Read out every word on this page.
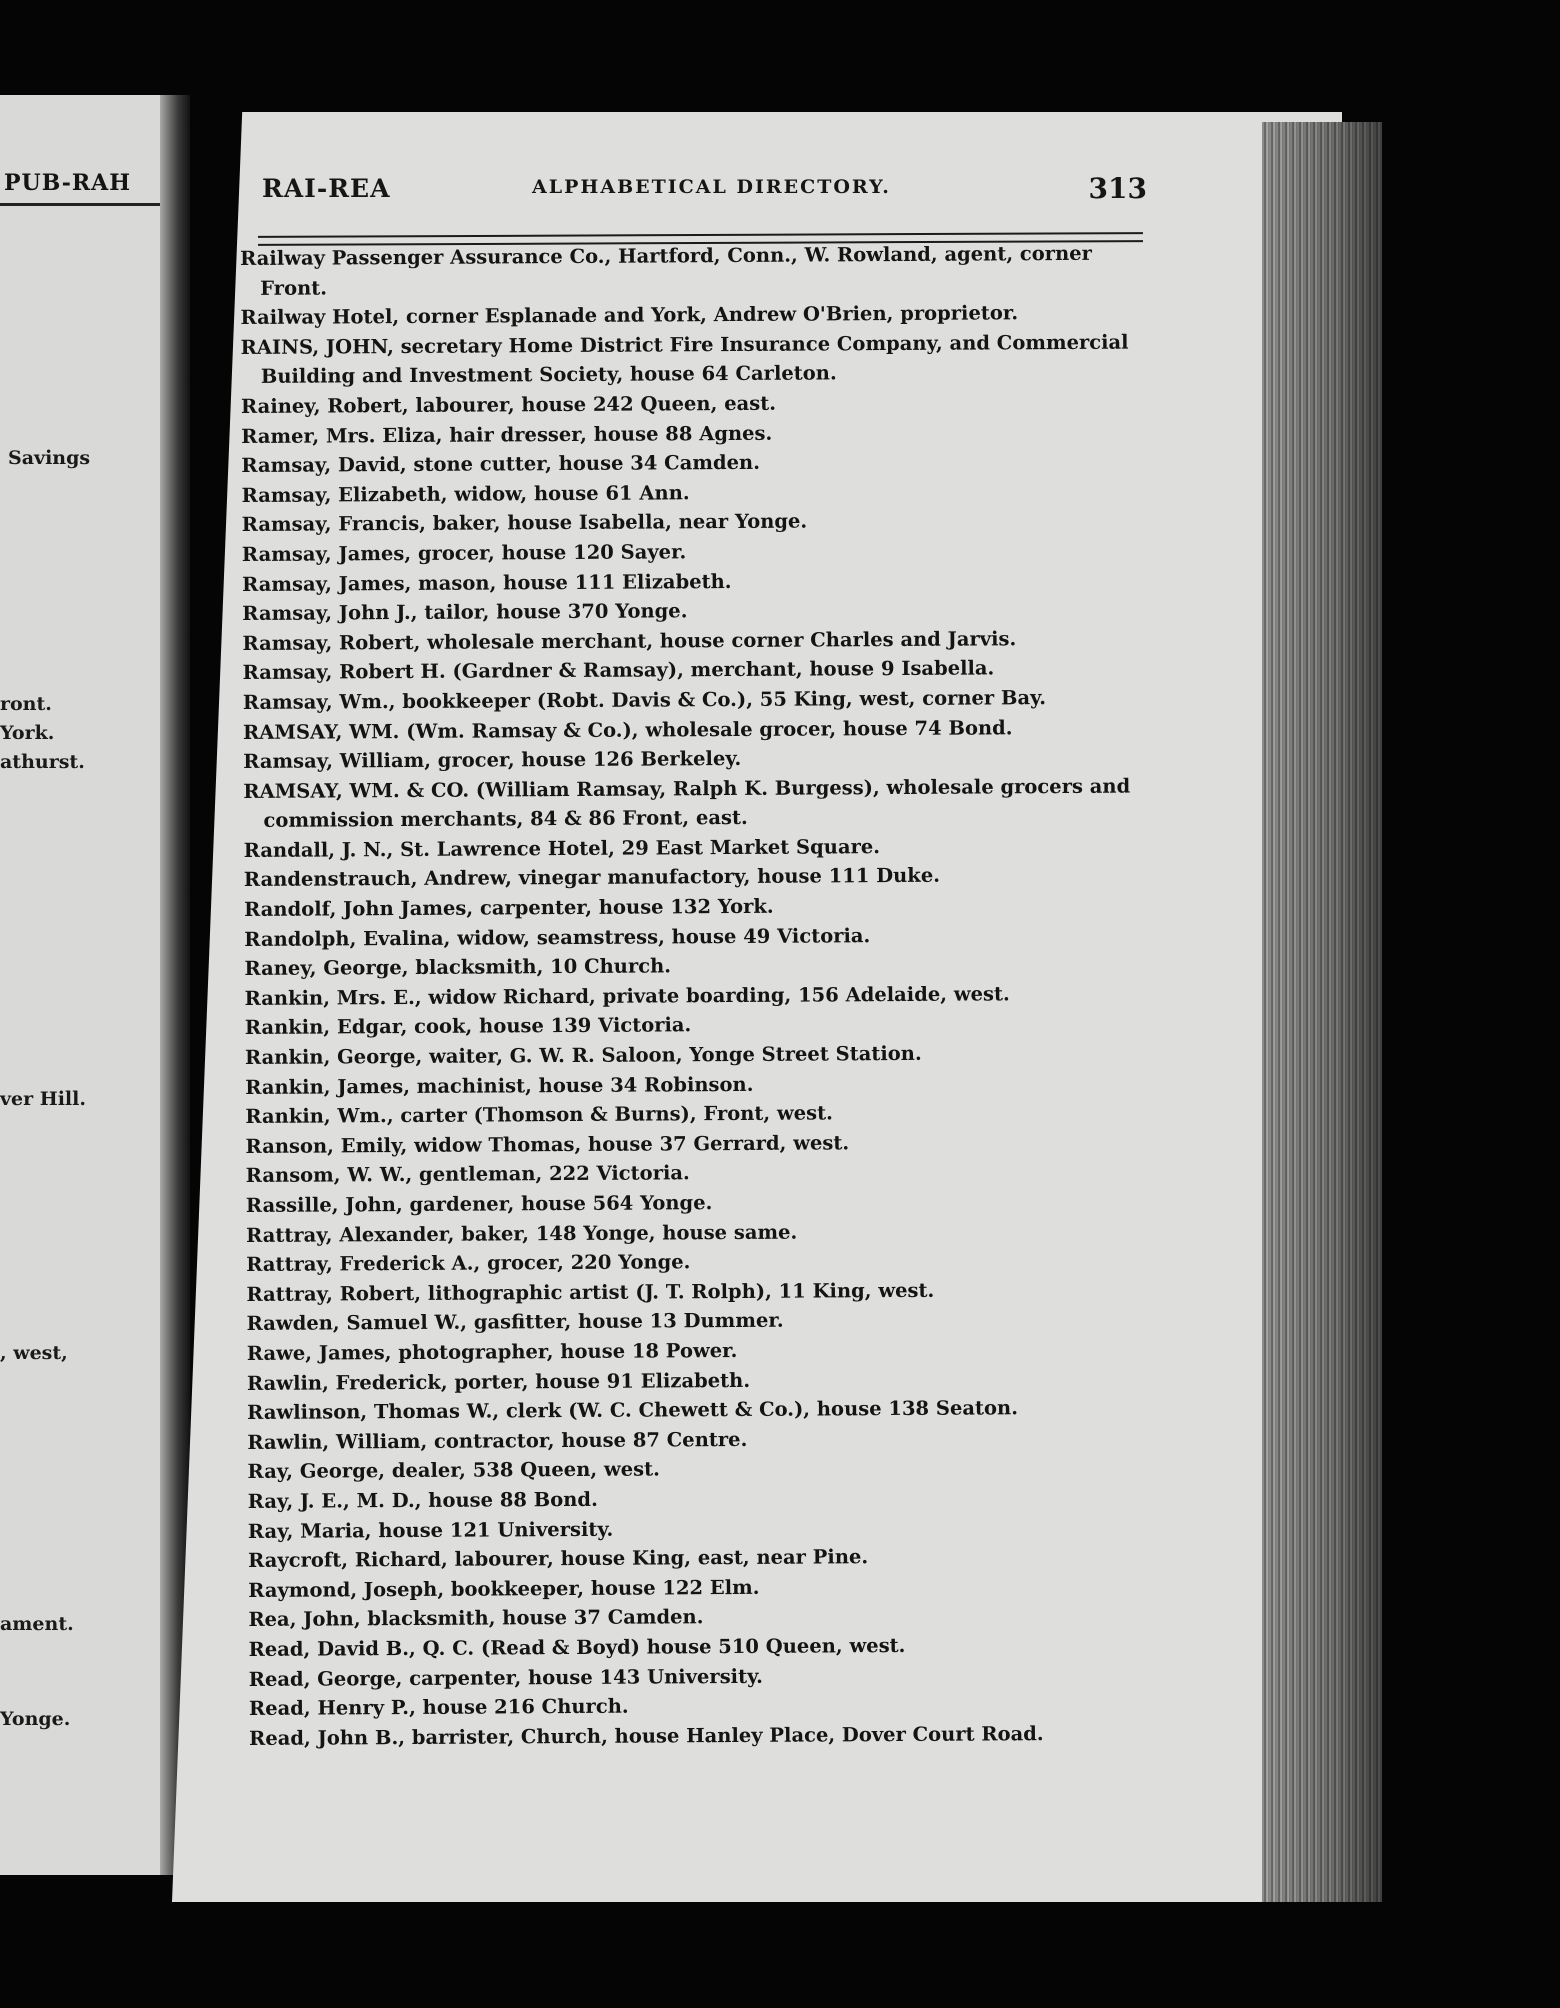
PUB-RAH
Savings
ront.
York.
athurst.
ver Hill.
, west,
ament.
Yonge.
RAI-REA	ALPHABETICAL DIRECTORY.	313

Railway Passenger Assurance Co., Hartford, Conn., W. Rowland, agent, corner Front.

Railway Hotel, corner Esplanade and York, Andrew O'Brien, proprietor.

RAINS, JOHN, secretary Home District Fire Insurance Company, and Commercial Building and Investment Society, house 64 Carleton.

Rainey, Robert, labourer, house 242 Queen, east.

Ramer, Mrs. Eliza, hair dresser, house 88 Agnes.

Ramsay, David, stone cutter, house 34 Camden.

Ramsay, Elizabeth, widow, house 61 Ann.

Ramsay, Francis, baker, house Isabella, near Yonge.

Ramsay, James, grocer, house 120 Sayer.

Ramsay, James, mason, house 111 Elizabeth.

Ramsay, John J., tailor, house 370 Yonge.

Ramsay, Robert, wholesale merchant, house corner Charles and Jarvis.

Ramsay, Robert H. (Gardner & Ramsay), merchant, house 9 Isabella.

Ramsay, Wm., bookkeeper (Robt. Davis & Co.), 55 King, west, corner Bay.

RAMSAY, WM. (Wm. Ramsay & Co.), wholesale grocer, house 74 Bond.

Ramsay, William, grocer, house 126 Berkeley.

RAMSAY, WM. & CO. (William Ramsay, Ralph K. Burgess), wholesale grocers and commission merchants, 84 & 86 Front, east.

Randall, J. N., St. Lawrence Hotel, 29 East Market Square.

Randenstrauch, Andrew, vinegar manufactory, house 111 Duke.

Randolf, John James, carpenter, house 132 York.

Randolph, Evalina, widow, seamstress, house 49 Victoria.

Raney, George, blacksmith, 10 Church.

Rankin, Mrs. E., widow Richard, private boarding, 156 Adelaide, west.

Rankin, Edgar, cook, house 139 Victoria.

Rankin, George, waiter, G. W. R. Saloon, Yonge Street Station.

Rankin, James, machinist, house 34 Robinson.

Rankin, Wm., carter (Thomson & Burns), Front, west.

Ranson, Emily, widow Thomas, house 37 Gerrard, west.

Ransom, W. W., gentleman, 222 Victoria.

Rassille, John, gardener, house 564 Yonge.

Rattray, Alexander, baker, 148 Yonge, house same.

Rattray, Frederick A., grocer, 220 Yonge.

Rattray, Robert, lithographic artist (J. T. Rolph), 11 King, west.

Rawden, Samuel W., gasfitter, house 13 Dummer.

Rawe, James, photographer, house 18 Power.

Rawlin, Frederick, porter, house 91 Elizabeth.

Rawlinson, Thomas W., clerk (W. C. Chewett & Co.), house 138 Seaton.

Rawlin, William, contractor, house 87 Centre.

Ray, George, dealer, 538 Queen, west.

Ray, J. E., M. D., house 88 Bond.

Ray, Maria, house 121 University.

Raycroft, Richard, labourer, house King, east, near Pine.

Raymond, Joseph, bookkeeper, house 122 Elm.

Rea, John, blacksmith, house 37 Camden.

Read, David B., Q. C. (Read & Boyd) house 510 Queen, west.

Read, George, carpenter, house 143 University.

Read, Henry P., house 216 Church.

Read, John B., barrister, Church, house Hanley Place, Dover Court Road.
